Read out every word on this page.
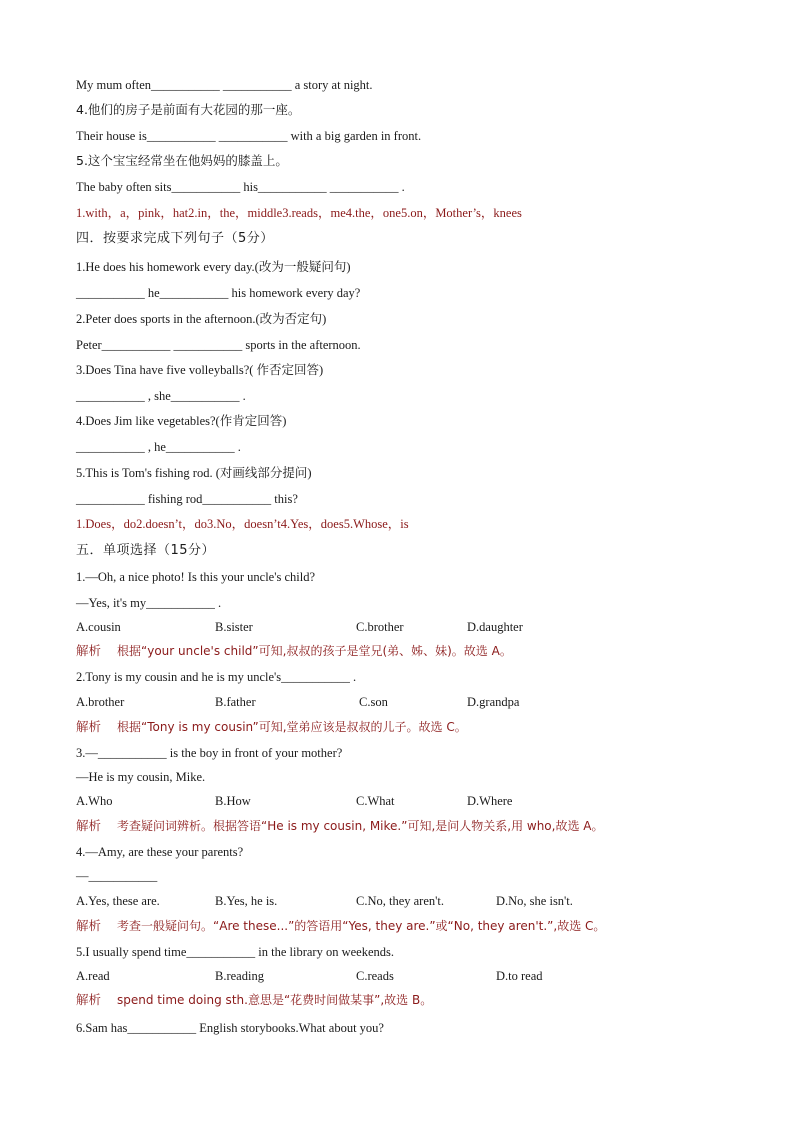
My mum often___________ ___________ a story at night.
4.他们的房子是前面有大花园的那一座。
Their house is___________ ___________ with a big garden in front.
5.这个宝宝经常坐在他妈妈的膝盖上。
The baby often sits___________ his___________ ___________ .
1.with，a，pink，hat2.in，the，middle3.reads，me4.the，one5.on，Mother’s，knees
四．按要求完成下列句子（5分）
1.He does his homework every day.(改为一般疑问句)
___________ he___________ his homework every day?
2.Peter does sports in the afternoon.(改为否定句)
Peter___________ ___________ sports in the afternoon.
3.Does Tina have five volleyballs?( 作否定回答)
___________ , she___________ .
4.Does Jim like vegetables?(作肯定回答)
___________ , he___________ .
5.This is Tom's fishing rod. (对画线部分提问)
___________ fishing rod___________ this?
1.Does，do2.doesn’t，do3.No，doesn’t4.Yes，does5.Whose，is
五．单项选择（15分）
1.—Oh, a nice photo! Is this your uncle's child?
—Yes, it's my___________ .
A.cousin	B.sister	C.brother	D.daughter
解析 根据“your uncle's child”可知,叔叔的孩子是堂兄(弟、姊、妹)。故选 A。
2.Tony is my cousin and he is my uncle's___________ .
A.brother	B.father	C.son	D.grandpa
解析 根据“Tony is my cousin”可知,堂弟应该是叔叔的儿子。故选 C。
3.—___________ is the boy in front of your mother?
—He is my cousin, Mike.
A.Who	B.How	C.What	D.Where
解析 考查疑问词辨析。根据答语“He is my cousin, Mike.”可知,是问人物关系,用 who,故选 A。
4.—Amy, are these your parents?
—___________
A.Yes, these are.	B.Yes, he is.	C.No, they aren't.	D.No, she isn't.
解析 考查一般疑问句。“Are these...”的答语用“Yes, they are.”或“No, they aren't.”,故选 C。
5.I usually spend time___________ in the library on weekends.
A.read	B.reading	C.reads	D.to read
解析 spend time doing sth.意思是“花费时间做某事”,故选 B。
6.Sam has___________ English storybooks.What about you?
